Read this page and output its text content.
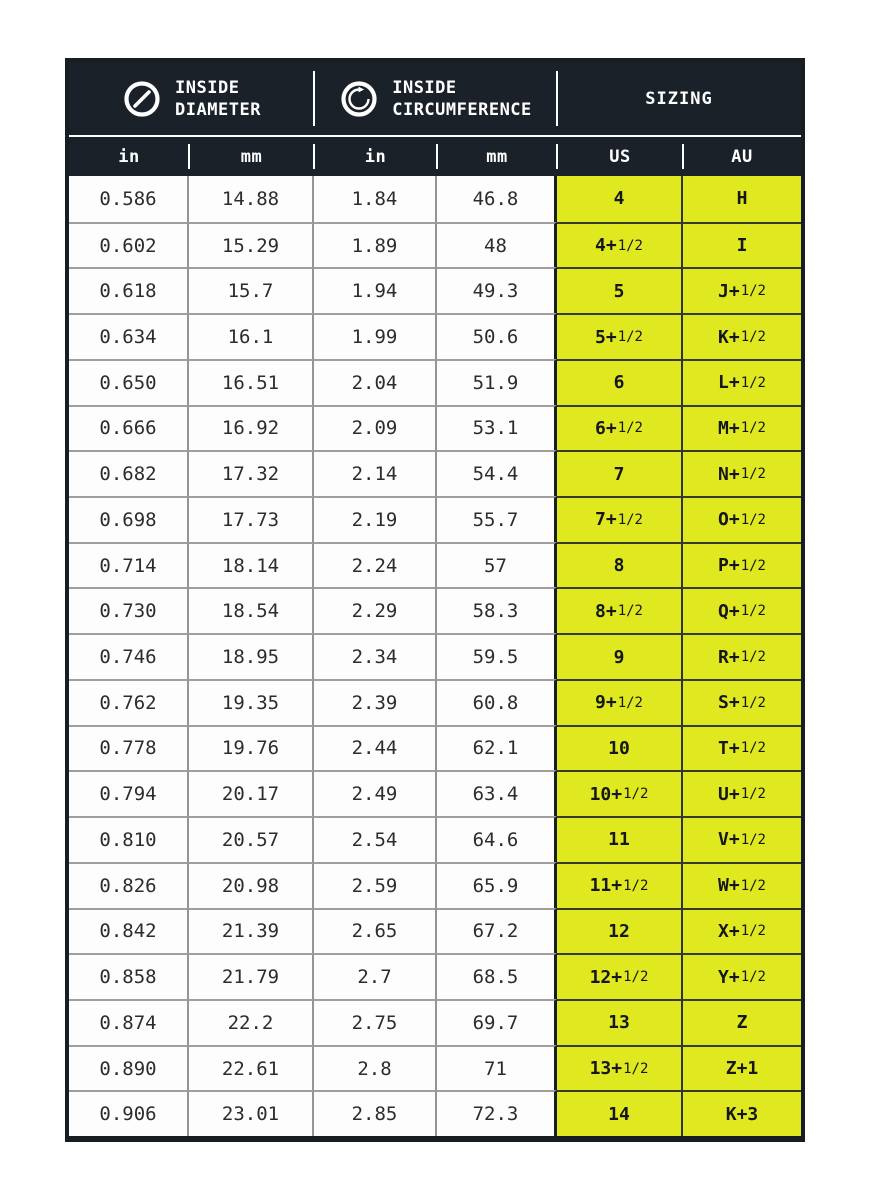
INSIDE
DIAMETER
INSIDE
CIRCUMFERENCE
SIZING
in	mm	in	mm	US	AU
0.586	14.88	1.84	46.8	4	H
0.602	15.29	1.89	48	4+ 1/2	I
0.618	15.7	1.94	49.3	5	J+ 1/2
0.634	16.1	1.99	50.6	5+ 1/2	K+ 1/2
0.650	16.51	2.04	51.9	6	L+ 1/2
0.666	16.92	2.09	53.1	6+ 1/2	M+ 1/2
0.682	17.32	2.14	54.4	7	N+ 1/2
0.698	17.73	2.19	55.7	7+ 1/2	O+ 1/2
0.714	18.14	2.24	57	8	P+ 1/2
0.730	18.54	2.29	58.3	8+ 1/2	Q+ 1/2
0.746	18.95	2.34	59.5	9	R+ 1/2
0.762	19.35	2.39	60.8	9+ 1/2	S+ 1/2
0.778	19.76	2.44	62.1	10	T+ 1/2
0.794	20.17	2.49	63.4	10+ 1/2	U+ 1/2
0.810	20.57	2.54	64.6	11	V+ 1/2
0.826	20.98	2.59	65.9	11+ 1/2	W+ 1/2
0.842	21.39	2.65	67.2	12	X+ 1/2
0.858	21.79	2.7	68.5	12+ 1/2	Y+ 1/2
0.874	22.2	2.75	69.7	13	Z
0.890	22.61	2.8	71	13+ 1/2	Z+1
0.906	23.01	2.85	72.3	14	K+3
